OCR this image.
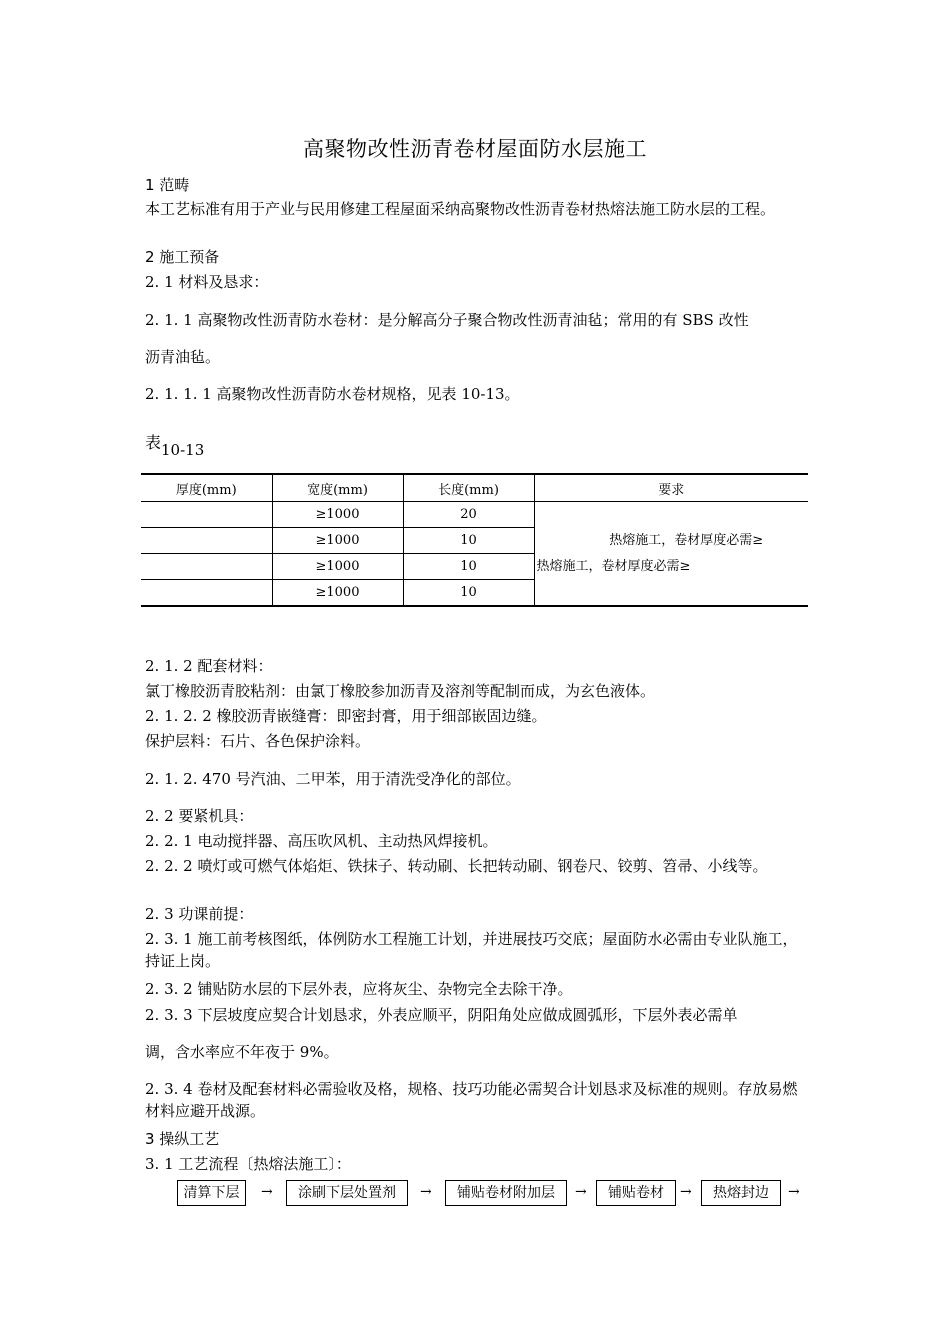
高聚物改性沥青卷材屋面防水层施工
1 范畴
本工艺标准有用于产业与民用修建工程屋面采纳高聚物改性沥青卷材热熔法施工防水层的工程。
2 施工预备
2. 1 材料及恳求：
2. 1. 1 高聚物改性沥青防水卷材：是分解高分子聚合物改性沥青油毡；常用的有 SBS 改性
沥青油毡。
2. 1. 1. 1 高聚物改性沥青防水卷材规格，见表 10-13。
表10-13
厚度(mm)	宽度(mm)	长度(mm)	要求
	≥1000	20	热熔施工，卷材厚度必需≥
热熔施工，卷材厚度必需≥

	≥1000	10	
	≥1000	10	
	≥1000	10	
2. 1. 2 配套材料：
氯丁橡胶沥青胶粘剂：由氯丁橡胶参加沥青及溶剂等配制而成，为玄色液体。
2. 1. 2. 2 橡胶沥青嵌缝膏：即密封膏，用于细部嵌固边缝。
保护层料：石片、各色保护涂料。
2. 1. 2. 470 号汽油、二甲苯，用于清洗受净化的部位。
2. 2 要紧机具：
2. 2. 1 电动搅拌器、高压吹风机、主动热风焊接机。
2. 2. 2 喷灯或可燃气体焰炬、铁抹子、转动刷、长把转动刷、钢卷尺、铰剪、笤帚、小线等。
2. 3 功课前提：
2. 3. 1 施工前考核图纸，体例防水工程施工计划，并进展技巧交底；屋面防水必需由专业队施工，持证上岗。
2. 3. 2 铺贴防水层的下层外表，应将灰尘、杂物完全去除干净。
2. 3. 3 下层坡度应契合计划恳求，外表应顺平，阴阳角处应做成圆弧形，下层外表必需单
调，含水率应不年夜于 9%。
2. 3. 4 卷材及配套材料必需验收及格，规格、技巧功能必需契合计划恳求及标准的规则。存放易燃材料应避开战源。
3 操纵工艺
3. 1 工艺流程〔热熔法施工〕：
清算下层	→	涂刷下层处置剂	→	铺贴卷材附加层	→	铺贴卷材	→	热熔封边	→
